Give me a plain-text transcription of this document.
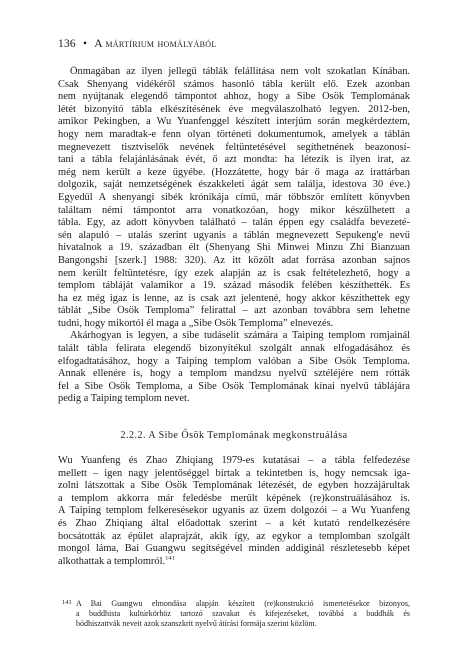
136 • A mártírium homályából
Önmagában az ilyen jellegű táblák felállítása nem volt szokatlan Kínában.
Csak Shenyang vidékéről számos hasonló tábla került elő. Ezek azonban
nem nyújtanak elegendő támpontot ahhoz, hogy a Sibe Ősök Templomának
létét bizonyító tábla elkészítésének éve megválaszolható legyen. 2012-ben,
amikor Pekingben, a Wu Yuanfenggel készített interjúm során megkérdeztem,
hogy nem maradtak-e fenn olyan történeti dokumentumok, amelyek a táblán
megnevezett tisztviselők nevének feltüntetésével segíthetnének beazonosí-
tani a tábla felajánlásának évét, ő azt mondta: ha létezik is ilyen irat, az
még nem került a keze ügyébe. (Hozzátette, hogy bár ő maga az irattárban
dolgozik, saját nemzetségének északkeleti ágát sem találja, idestova 30 éve.)
Egyedül A shenyangi sibék krónikája című, már többször említett könyvben
találtam némi támpontot arra vonatkozóan, hogy mikor készülhetett a
tábla. Egy, az adott könyvben található – talán éppen egy családfa bevezeté-
sén alapuló – utalás szerint ugyanis a táblán megnevezett Sepukeng'e nevű
hivatalnok a 19. században élt (Shenyang Shi Minwei Minzu Zhi Bianzuan
Bangongshi [szerk.] 1988: 320). Az itt közölt adat forrása azonban sajnos
nem került feltüntetésre, így ezek alapján az is csak feltételezhető, hogy a
templom tábláját valamikor a 19. század második felében készíthették. És
ha ez még igaz is lenne, az is csak azt jelentené, hogy akkor készíthettek egy
táblát „Sibe Ősök Temploma” felirattal – azt azonban továbbra sem lehetne
tudni, hogy mikortól él maga a „Sibe Ősök Temploma” elnevezés.
Akárhogyan is legyen, a sibe tudáselit számára a Taiping templom romjainál
talált tábla felirata elegendő bizonyítékul szolgált annak elfogadásához és
elfogadtatásához, hogy a Taiping templom valóban a Sibe Ősök Temploma.
Annak ellenére is, hogy a templom mandzsu nyelvű sztéléjére nem rótták
fel a Sibe Ősök Temploma, a Sibe Ősök Templomának kínai nyelvű táblájára
pedig a Taiping templom nevet.
2.2.2. A Sibe Ősök Templomának megkonstruálása
Wu Yuanfeng és Zhao Zhiqiang 1979-es kutatásai – a tábla felfedezése
mellett – igen nagy jelentőséggel bírtak a tekintetben is, hogy nemcsak iga-
zolni látszottak a Sibe Ősök Templomának létezését, de egyben hozzájárultak
a templom akkorra már feledésbe merült képének (re)konstruálásához is.
A Taiping templom felkeresésekor ugyanis az üzem dolgozói – a Wu Yuanfeng
és Zhao Zhiqiang által előadottak szerint – a két kutató rendelkezésére
bocsátották az épület alaprajzát, akik így, az egykor a templomban szolgált
mongol láma, Bai Guangwu segítségével minden addiginál részletesebb képet
alkothattak a templomról.$^{141}$
141 A Bai Guangwu elmondása alapján készített (re)konstrukció ismertetésekor bizonyos,
a buddhista kultúrkörhöz tartozó szavakat és kifejezéseket, továbbá a buddhák és
bódhiszattvák neveit azok szanszkrit nyelvű átírási formája szerint közlöm.
